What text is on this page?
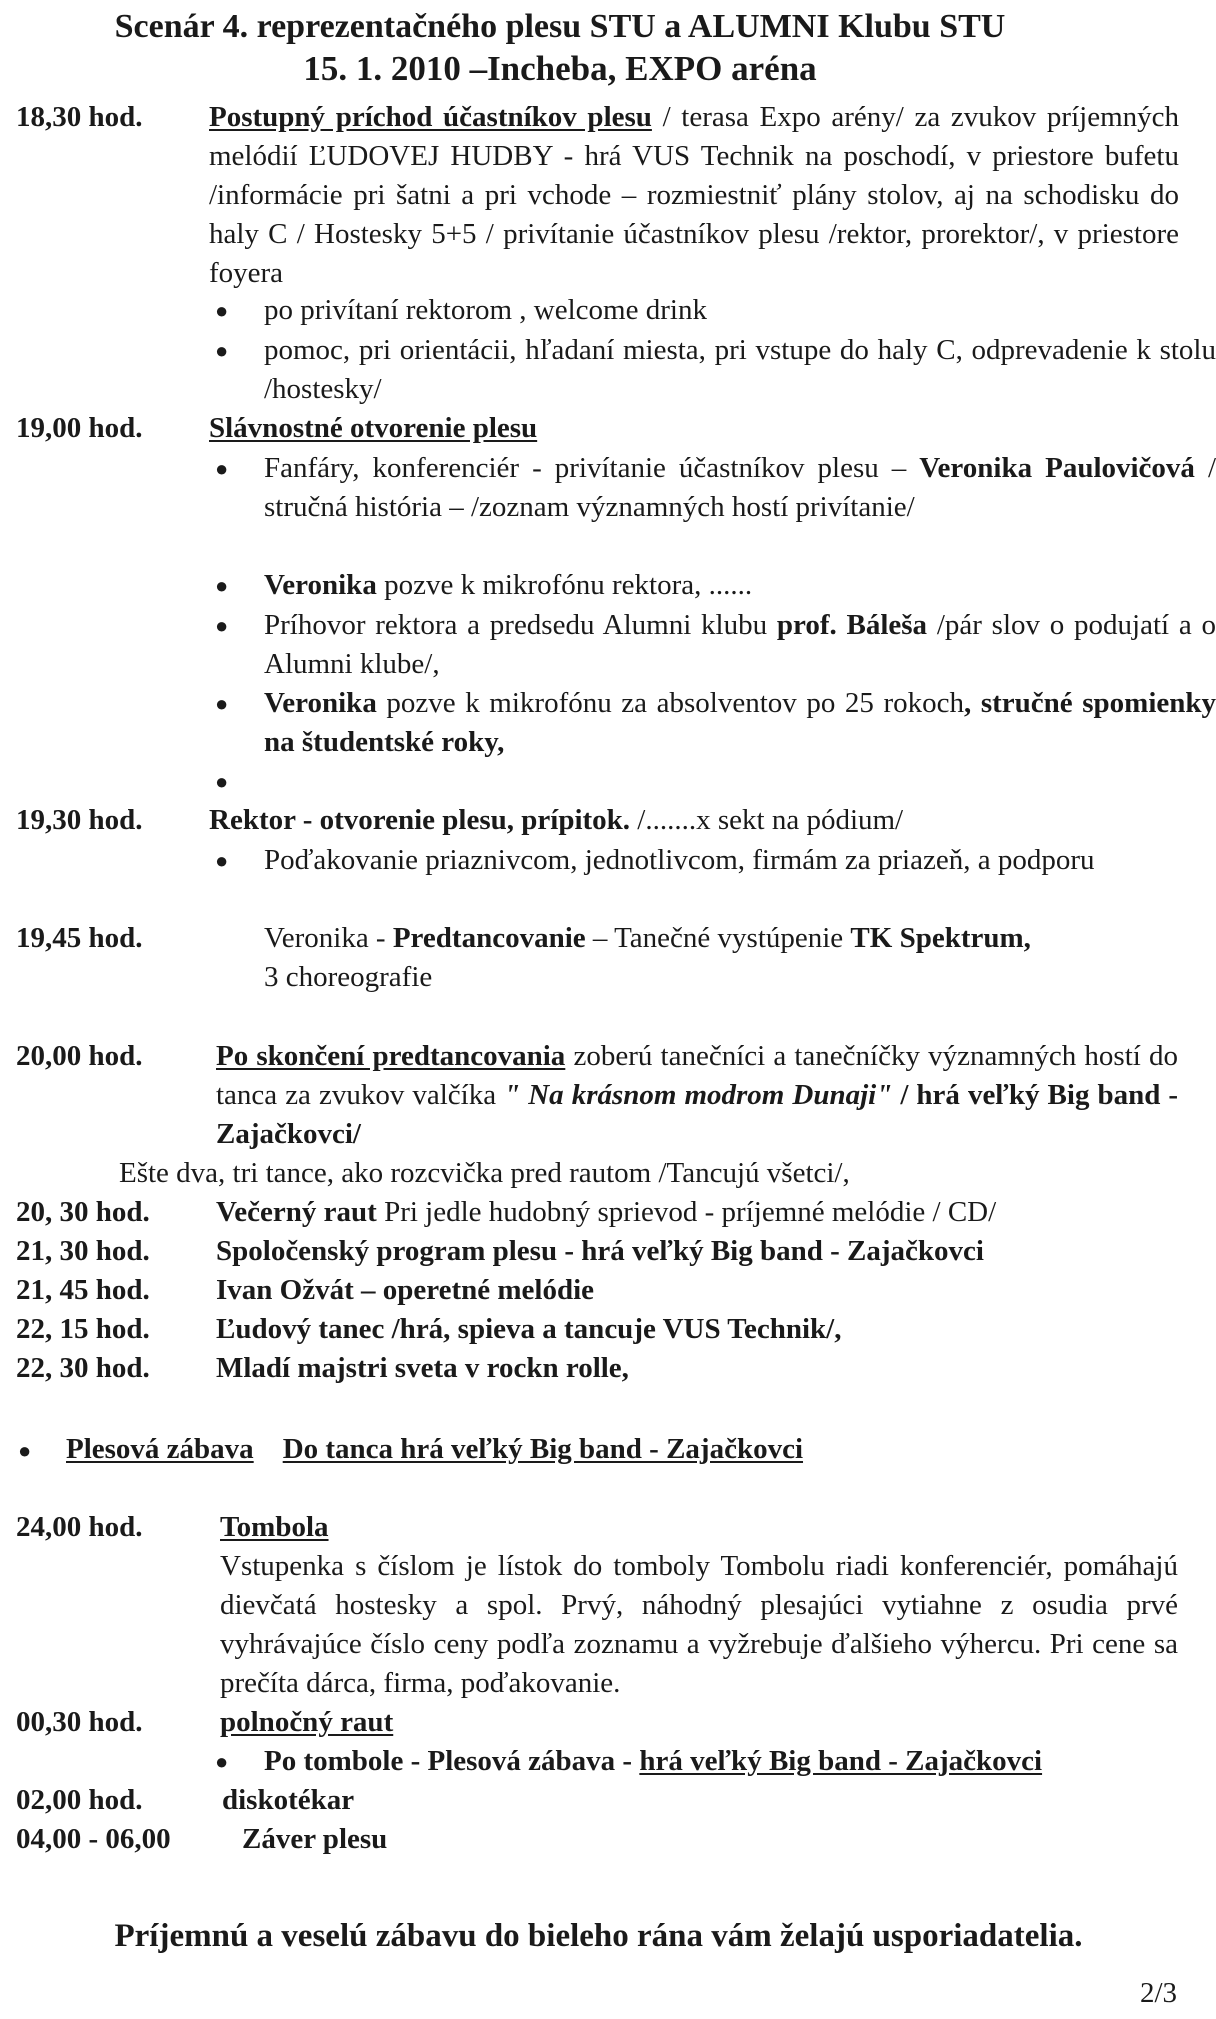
Scenár 4. reprezentačného plesu STU a ALUMNI Klubu STU
15. 1. 2010 –Incheba, EXPO aréna
18,30 hod. Postupný príchod účastníkov plesu / terasa Expo arény/ za zvukov príjemných melódií ĽUDOVEJ HUDBY - hrá VUS Technik na poschodí, v priestore bufetu /informácie pri šatni a pri vchode – rozmiestniť plány stolov, aj na schodisku do haly C / Hostesky 5+5 / privítanie účastníkov plesu /rektor, prorektor/, v priestore foyera
● po privítaní rektorom , welcome drink
● pomoc, pri orientácii, hľadaní miesta, pri vstupe do haly C, odprevadenie k stolu /hostesky/
19,00 hod. Slávnostné otvorenie plesu
● Fanfáry, konferenciér - privítanie účastníkov plesu – Veronika Paulovičová / stručná história – /zoznam významných hostí privítanie/
● Veronika pozve k mikrofónu rektora, ......
● Príhovor rektora a predsedu Alumni klubu prof. Báleša /pár slov o podujatí a o Alumni klube/,
● Veronika pozve k mikrofónu za absolventov po 25 rokoch, stručné spomienky na študentské roky,
●
19,30 hod. Rektor - otvorenie plesu, prípitok. /.......x sekt na pódium/
● Poďakovanie priaznivcom, jednotlivcom, firmám za priazeň, a podporu
19,45 hod.	Veronika - Predtancovanie – Tanečné vystúpenie TK Spektrum, 3 choreografie
20,00 hod.	Po skončení predtancovania zoberú tanečníci a tanečníčky významných hostí do tanca za zvukov valčíka " Na krásnom modrom Dunaji" / hrá veľký Big band - Zajačkovci/
Ešte dva, tri tance, ako rozcvička pred rautom /Tancujú všetci/,
20, 30 hod. Večerný raut Pri jedle hudobný sprievod - príjemné melódie / CD/
21, 30 hod. Spoločenský program plesu - hrá veľký Big band - Zajačkovci
21, 45 hod. Ivan Ožvát – operetné melódie
22, 15 hod. Ľudový tanec /hrá, spieva a tancuje VUS Technik/,
22, 30 hod. Mladí majstri sveta v rockn rolle,
● Plesová zábava Do tanca hrá veľký Big band - Zajačkovci
24,00 hod.	Tombola
Vstupenka s číslom je lístok do tomboly Tombolu riadi konferenciér, pomáhajú dievčatá hostesky a spol. Prvý, náhodný plesajúci vytiahne z osudia prvé vyhrávajúce číslo ceny podľa zoznamu a vyžrebuje ďalšieho výhercu. Pri cene sa prečíta dárca, firma, poďakovanie.
00,30 hod.	polnočný raut
● Po tombole - Plesová zábava - hrá veľký Big band - Zajačkovci
02,00 hod.	diskotékar
04,00 - 06,00 Záver plesu
Príjemnú a veselú zábavu do bieleho rána vám želajú usporiadatelia.
2/3
